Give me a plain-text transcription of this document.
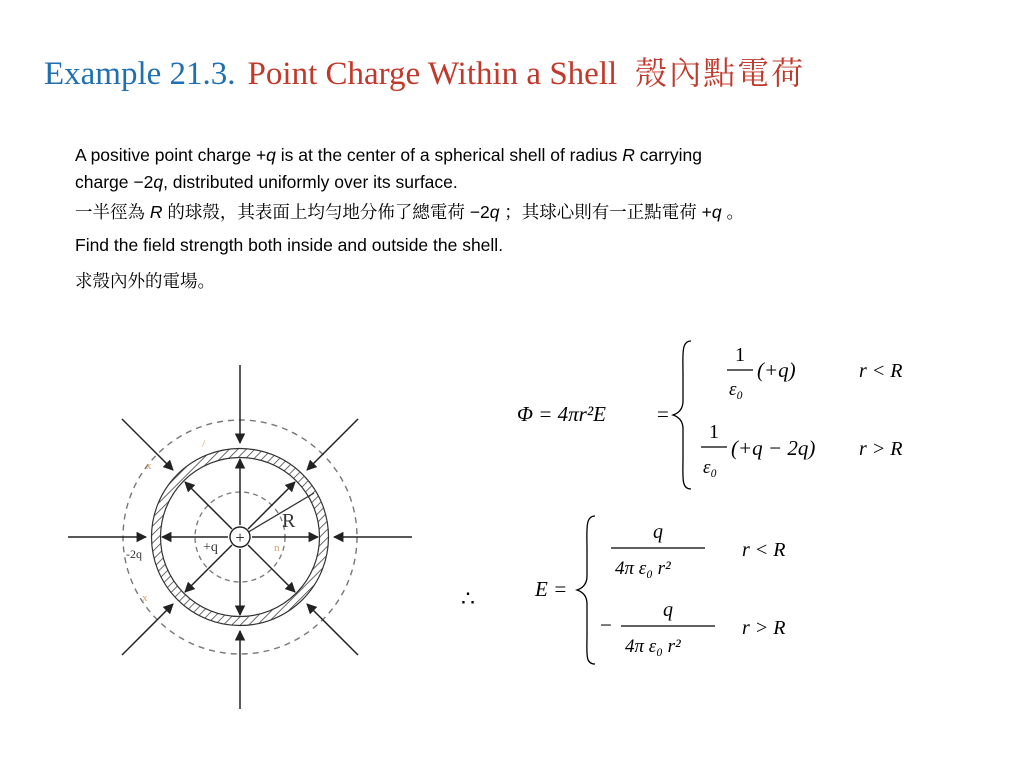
Example 21.3. Point Charge Within a Shell 殼內點電荷
A positive point charge +q is at the center of a spherical shell of radius R carrying
charge −2q, distributed uniformly over its surface.
一半徑為 R 的球殼，其表面上均勻地分佈了總電荷 −2q ；其球心則有一正點電荷 +q 。
Find the field strength both inside and outside the shell.
求殼內外的電場。
R
+
+q
-2q
x
/
x
n
Φ = 4πr²E =
1
ε₀
(+q)	r < R
1
ε₀
(+q − 2q) r > R
∴	E =
q
4π ε₀ r²
r < R
−
q
4π ε₀ r²
r > R
